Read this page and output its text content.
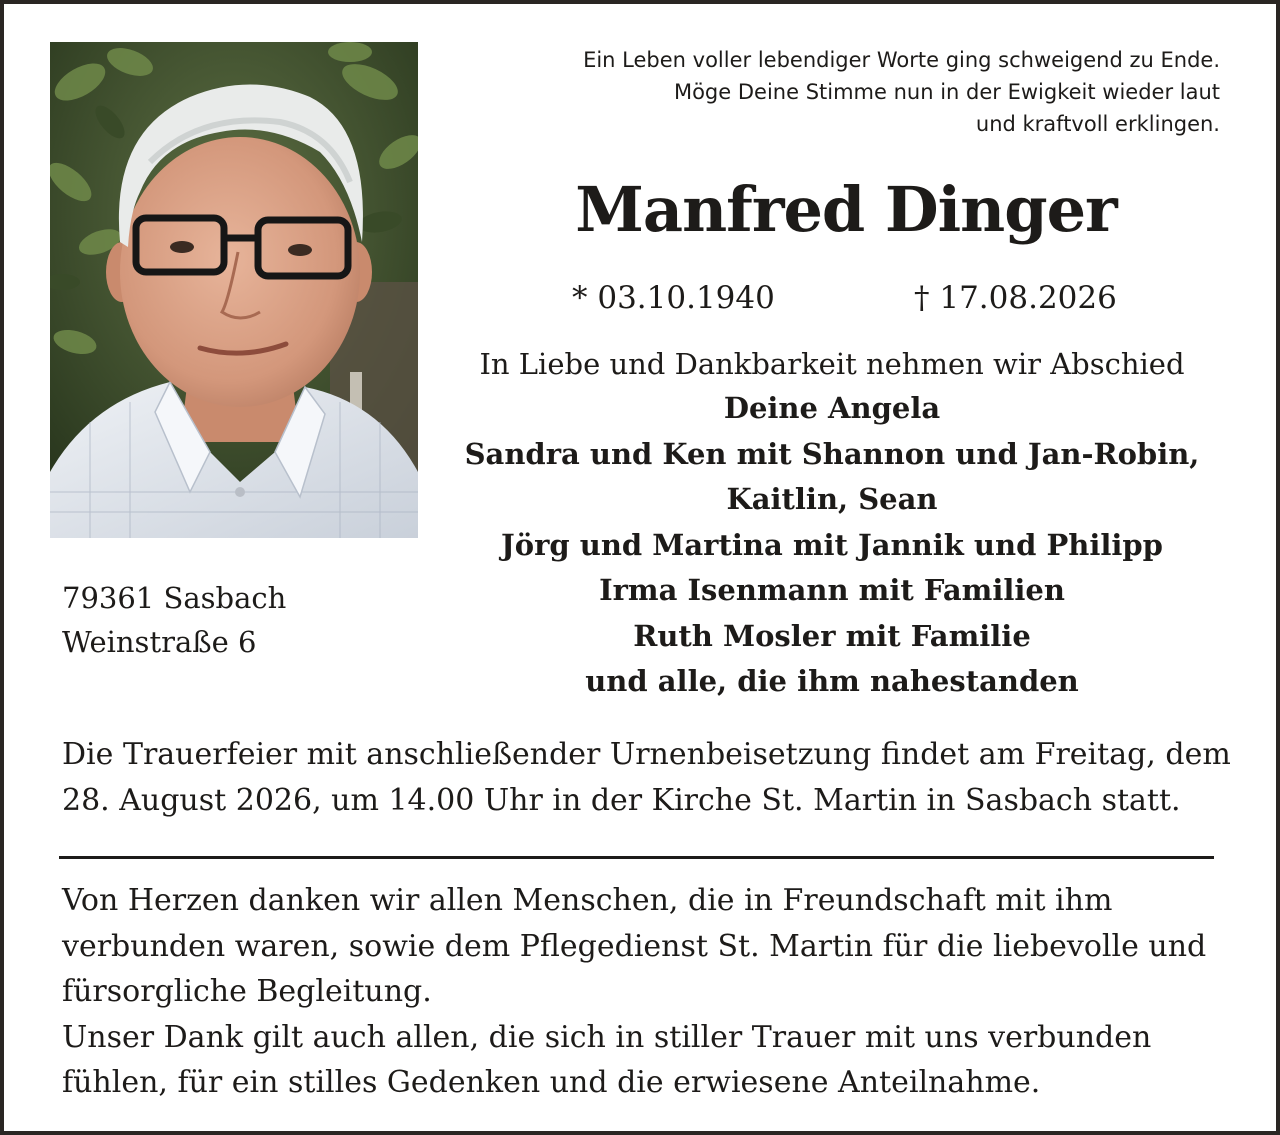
Ein Leben voller lebendiger Worte ging schweigend zu Ende.
Möge Deine Stimme nun in der Ewigkeit wieder laut
und kraftvoll erklingen.
Manfred Dinger
* 03.10.1940	† 17.08.2026
In Liebe und Dankbarkeit nehmen wir Abschied
Deine Angela
Sandra und Ken mit Shannon und Jan-Robin,
Kaitlin, Sean
Jörg und Martina mit Jannik und Philipp
Irma Isenmann mit Familien
Ruth Mosler mit Familie
und alle, die ihm nahestanden
79361 Sasbach
Weinstraße 6
Die Trauerfeier mit anschließender Urnenbeisetzung findet am Freitag, dem
28. August 2026, um 14.00 Uhr in der Kirche St. Martin in Sasbach statt.
Von Herzen danken wir allen Menschen, die in Freundschaft mit ihm
verbunden waren, sowie dem Pflegedienst St. Martin für die liebevolle und
fürsorgliche Begleitung.
Unser Dank gilt auch allen, die sich in stiller Trauer mit uns verbunden
fühlen, für ein stilles Gedenken und die erwiesene Anteilnahme.
